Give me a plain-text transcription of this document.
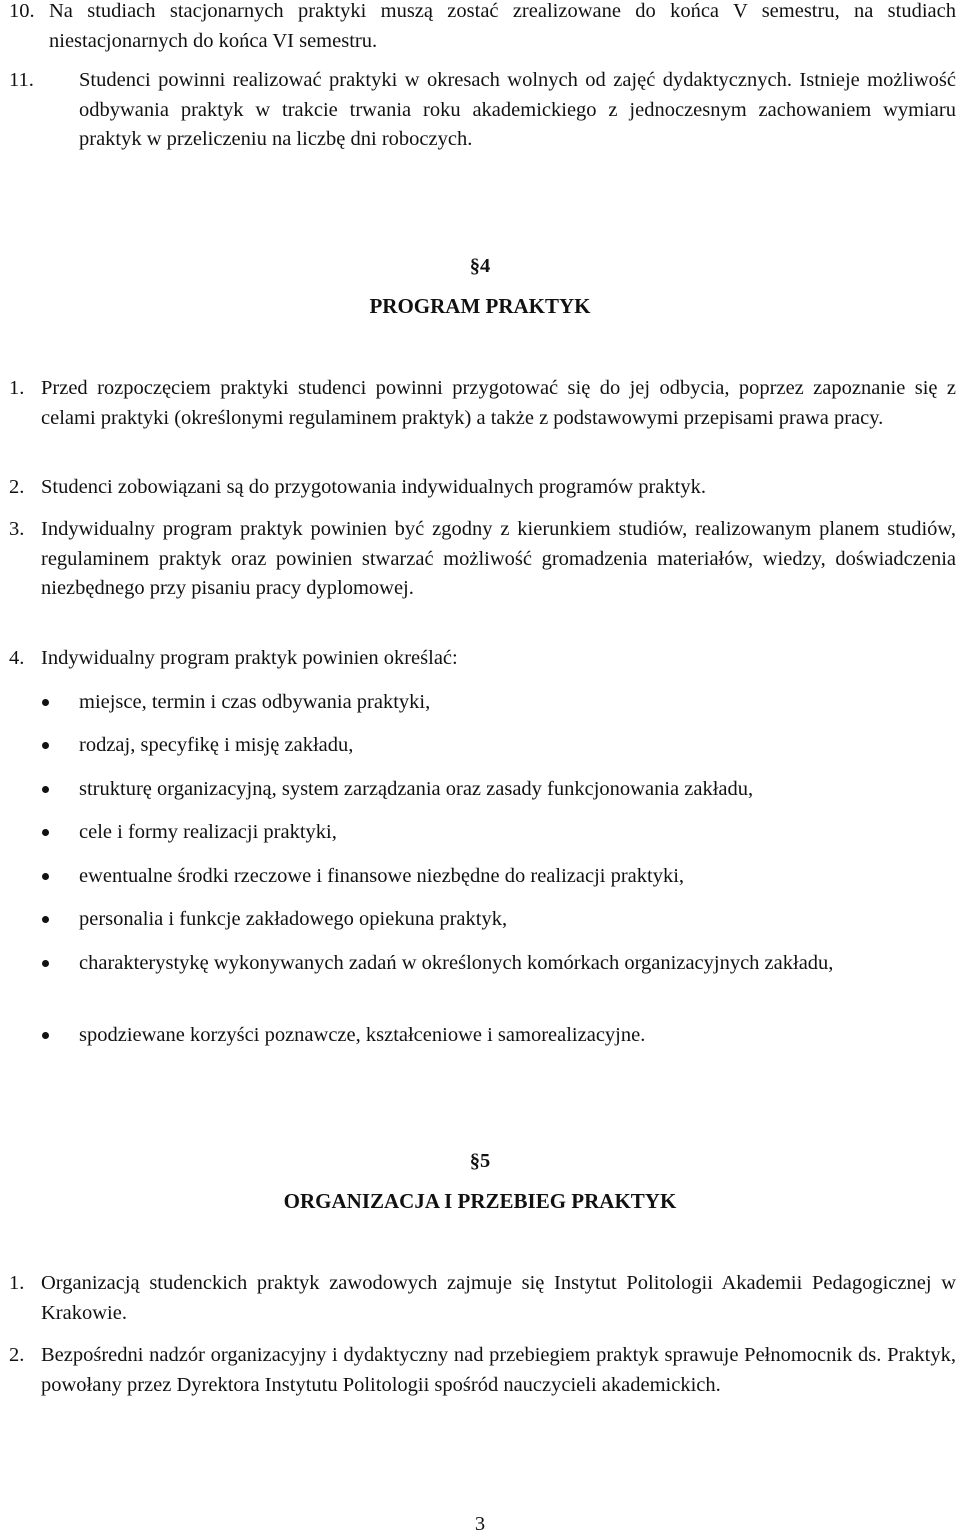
10. Na studiach stacjonarnych praktyki muszą zostać zrealizowane do końca V semestru, na studiach niestacjonarnych do końca VI semestru.
11. Studenci powinni realizować praktyki w okresach wolnych od zajęć dydaktycznych. Istnieje możliwość odbywania praktyk w trakcie trwania roku akademickiego z jednoczesnym zachowaniem wymiaru praktyk w przeliczeniu na liczbę dni roboczych.
§4
PROGRAM PRAKTYK
1. Przed rozpoczęciem praktyki studenci powinni przygotować się do jej odbycia, poprzez zapoznanie się z celami praktyki (określonymi regulaminem praktyk) a także z podstawowymi przepisami prawa pracy.
2. Studenci zobowiązani są do przygotowania indywidualnych programów praktyk.
3. Indywidualny program praktyk powinien być zgodny z kierunkiem studiów, realizowanym planem studiów, regulaminem praktyk oraz powinien stwarzać możliwość gromadzenia materiałów, wiedzy, doświadczenia niezbędnego przy pisaniu pracy dyplomowej.
4. Indywidualny program praktyk powinien określać:
miejsce, termin i czas odbywania praktyki,
rodzaj, specyfikę i misję zakładu,
strukturę organizacyjną, system zarządzania oraz zasady funkcjonowania zakładu,
cele i formy realizacji praktyki,
ewentualne środki rzeczowe i finansowe niezbędne do realizacji praktyki,
personalia i funkcje zakładowego opiekuna praktyk,
charakterystykę wykonywanych zadań w określonych komórkach organizacyjnych zakładu,
spodziewane korzyści poznawcze, kształceniowe i samorealizacyjne.
§5
ORGANIZACJA I PRZEBIEG PRAKTYK
1. Organizacją studenckich praktyk zawodowych zajmuje się Instytut Politologii Akademii Pedagogicznej w Krakowie.
2. Bezpośredni nadzór organizacyjny i dydaktyczny nad przebiegiem praktyk sprawuje Pełnomocnik ds. Praktyk, powołany przez Dyrektora Instytutu Politologii spośród nauczycieli akademickich.
3
